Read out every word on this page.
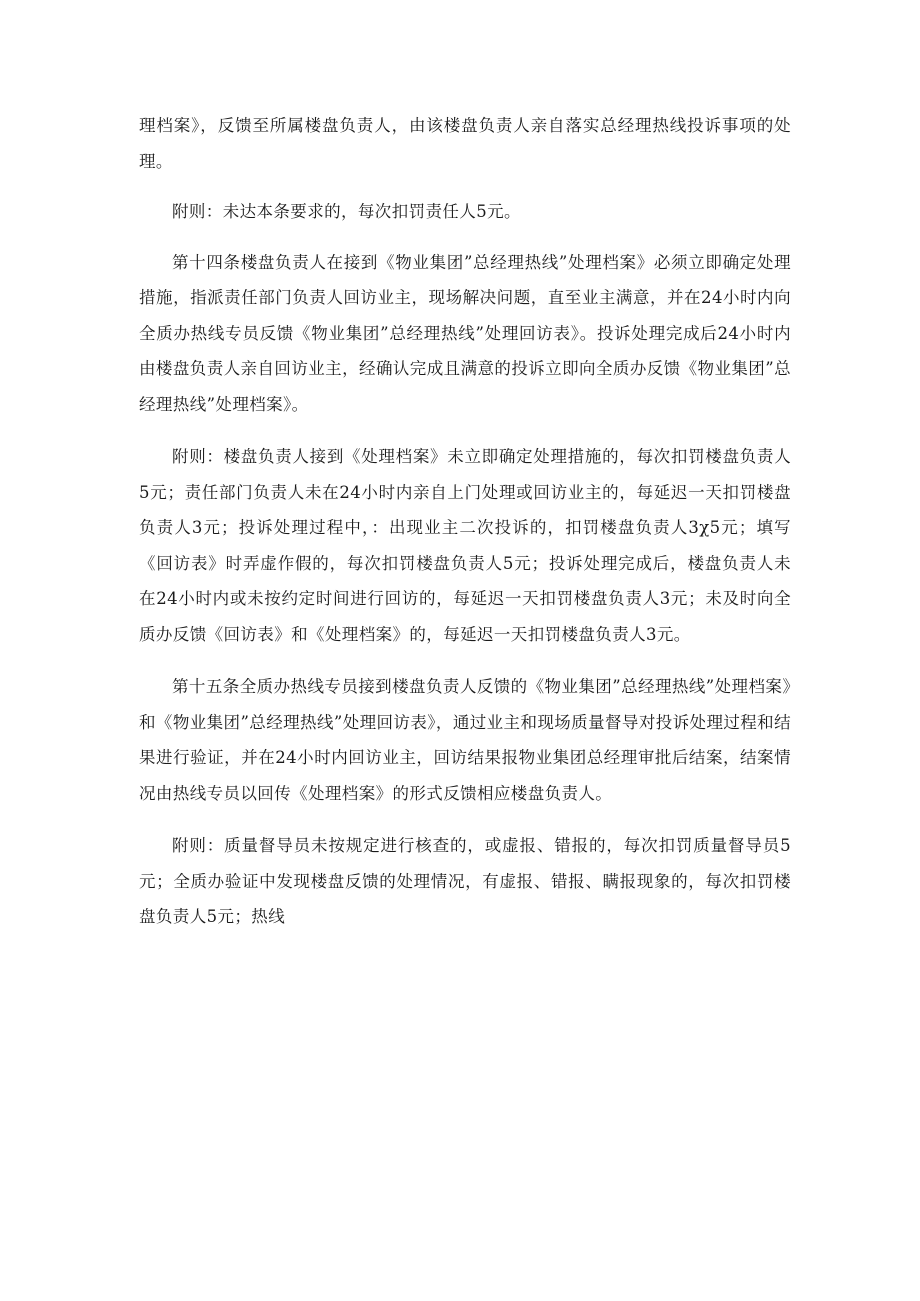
理档案》，反馈至所属楼盘负责人，由该楼盘负责人亲自落实总经理热线投诉事项的处理。

附则：未达本条要求的，每次扣罚责任人5元。

第十四条楼盘负责人在接到《物业集团”总经理热线”处理档案》必须立即确定处理措施，指派责任部门负责人回访业主，现场解决问题，直至业主满意，并在24小时内向全质办热线专员反馈《物业集团”总经理热线”处理回访表》。投诉处理完成后24小时内由楼盘负责人亲自回访业主，经确认完成且满意的投诉立即向全质办反馈《物业集团”总经理热线”处理档案》。

附则：楼盘负责人接到《处理档案》未立即确定处理措施的，每次扣罚楼盘负责人5元；责任部门负责人未在24小时内亲自上门处理或回访业主的，每延迟一天扣罚楼盘负责人3元；投诉处理过程中，：出现业主二次投诉的，扣罚楼盘负责人3χ5元；填写《回访表》时弄虚作假的，每次扣罚楼盘负责人5元；投诉处理完成后，楼盘负责人未在24小时内或未按约定时间进行回访的，每延迟一天扣罚楼盘负责人3元；未及时向全质办反馈《回访表》和《处理档案》的，每延迟一天扣罚楼盘负责人3元。

第十五条全质办热线专员接到楼盘负责人反馈的《物业集团”总经理热线”处理档案》和《物业集团”总经理热线”处理回访表》，通过业主和现场质量督导对投诉处理过程和结果进行验证，并在24小时内回访业主，回访结果报物业集团总经理审批后结案，结案情况由热线专员以回传《处理档案》的形式反馈相应楼盘负责人。

附则：质量督导员未按规定进行核查的，或虚报、错报的，每次扣罚质量督导员5元；全质办验证中发现楼盘反馈的处理情况，有虚报、错报、瞒报现象的，每次扣罚楼盘负责人5元；热线
